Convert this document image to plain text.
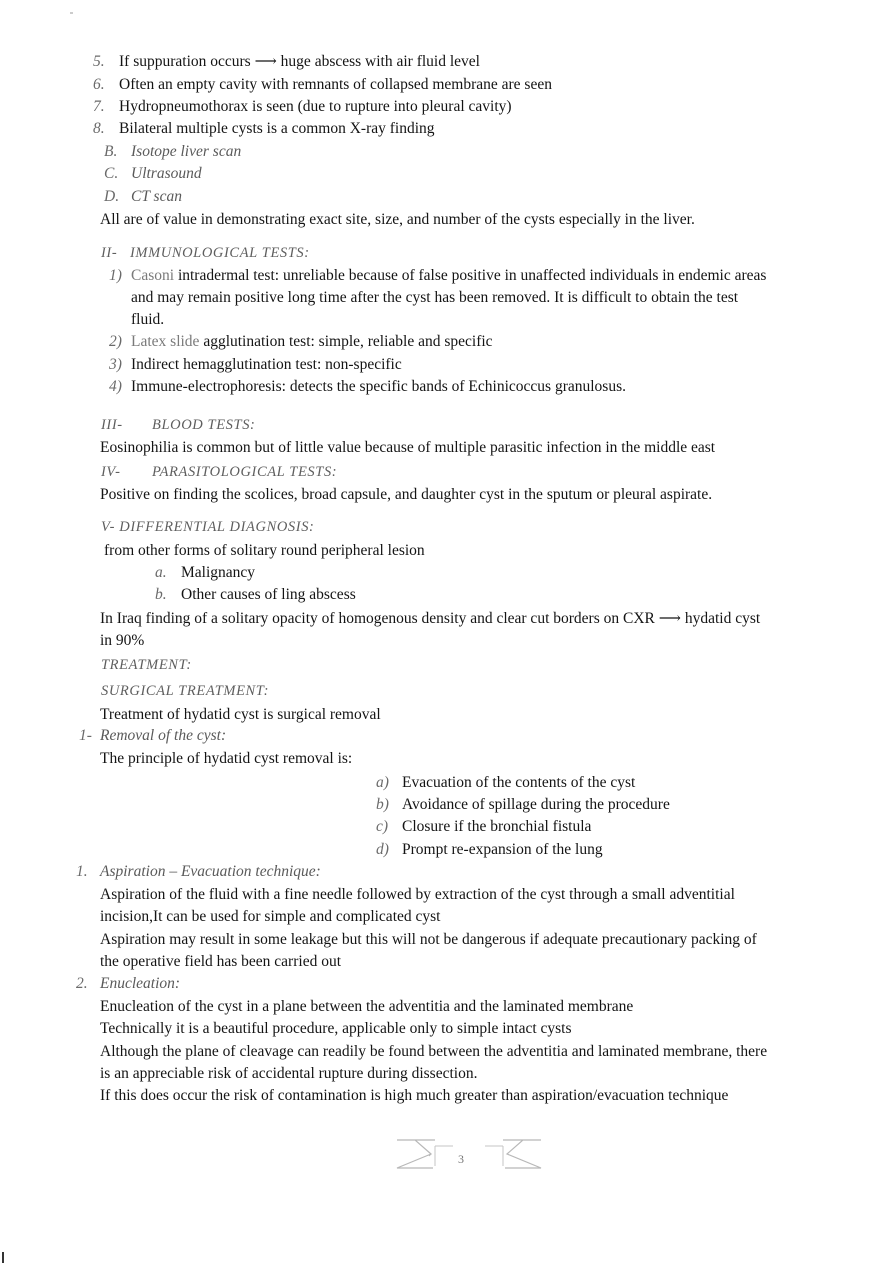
5. If suppuration occurs ⟶ huge abscess with air fluid level
6. Often an empty cavity with remnants of collapsed membrane are seen
7. Hydropneumothorax is seen (due to rupture into pleural cavity)
8. Bilateral multiple cysts is a common X-ray finding
B. Isotope liver scan
C. Ultrasound
D. CT scan
All are of value in demonstrating exact site, size, and number of the cysts especially in the liver.
II- IMMUNOLOGICAL TESTS:
1) Casoni intradermal test: unreliable because of false positive in unaffected individuals in endemic areas
and may remain positive long time after the cyst has been removed. It is difficult to obtain the test
fluid.
2) Latex slide agglutination test: simple, reliable and specific
3) Indirect hemagglutination test: non-specific
4) Immune-electrophoresis: detects the specific bands of Echinicoccus granulosus.
III- BLOOD TESTS:
Eosinophilia is common but of little value because of multiple parasitic infection in the middle east
IV- PARASITOLOGICAL TESTS:
Positive on finding the scolices, broad capsule, and daughter cyst in the sputum or pleural aspirate.
V- DIFFERENTIAL DIAGNOSIS:
from other forms of solitary round peripheral lesion
a. Malignancy
b. Other causes of ling abscess
In Iraq finding of a solitary opacity of homogenous density and clear cut borders on CXR ⟶ hydatid cyst
in 90%
TREATMENT:
SURGICAL TREATMENT:
Treatment of hydatid cyst is surgical removal
1- Removal of the cyst:
The principle of hydatid cyst removal is:
a) Evacuation of the contents of the cyst
b) Avoidance of spillage during the procedure
c) Closure if the bronchial fistula
d) Prompt re-expansion of the lung
1. Aspiration – Evacuation technique:
Aspiration of the fluid with a fine needle followed by extraction of the cyst through a small adventitial
incision,It can be used for simple and complicated cyst
Aspiration may result in some leakage but this will not be dangerous if adequate precautionary packing of
the operative field has been carried out
2. Enucleation:
Enucleation of the cyst in a plane between the adventitia and the laminated membrane
Technically it is a beautiful procedure, applicable only to simple intact cysts
Although the plane of cleavage can readily be found between the adventitia and laminated membrane, there
is an appreciable risk of accidental rupture during dissection.
If this does occur the risk of contamination is high much greater than aspiration/evacuation technique
3
